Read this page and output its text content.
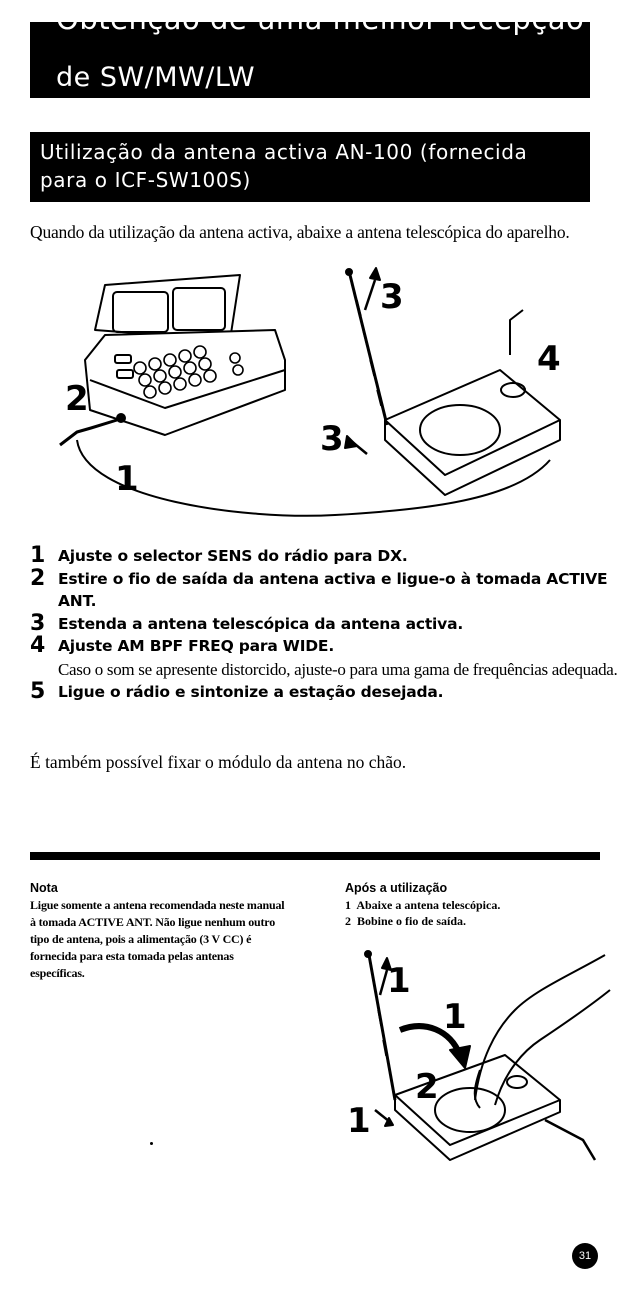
Obtenção de uma melhor recepção
de SW/MW/LW
Utilização da antena activa AN-100 (fornecida
para o ICF-SW100S)
Quando da utilização da antena activa, abaixe a antena telescópica do aparelho.
2
1
3
3
4
1 Ajuste o selector SENS do rádio para DX.
2 Estire o fio de saída da antena activa e ligue-o à tomada ACTIVE ANT.
3 Estenda a antena telescópica da antena activa.
4 Ajuste AM BPF FREQ para WIDE.
Caso o som se apresente distorcido, ajuste-o para uma gama de frequências adequada.
5 Ligue o rádio e sintonize a estação desejada.
É também possível fixar o módulo da antena no chão.
Nota
Ligue somente a antena recomendada neste manual à tomada ACTIVE ANT. Não ligue nenhum outro tipo de antena, pois a alimentação (3 V CC) é fornecida para esta tomada pelas antenas específicas.
Após a utilização
1 Abaixe a antena telescópica.
2 Bobine o fio de saída.
1
1
2
1
31
